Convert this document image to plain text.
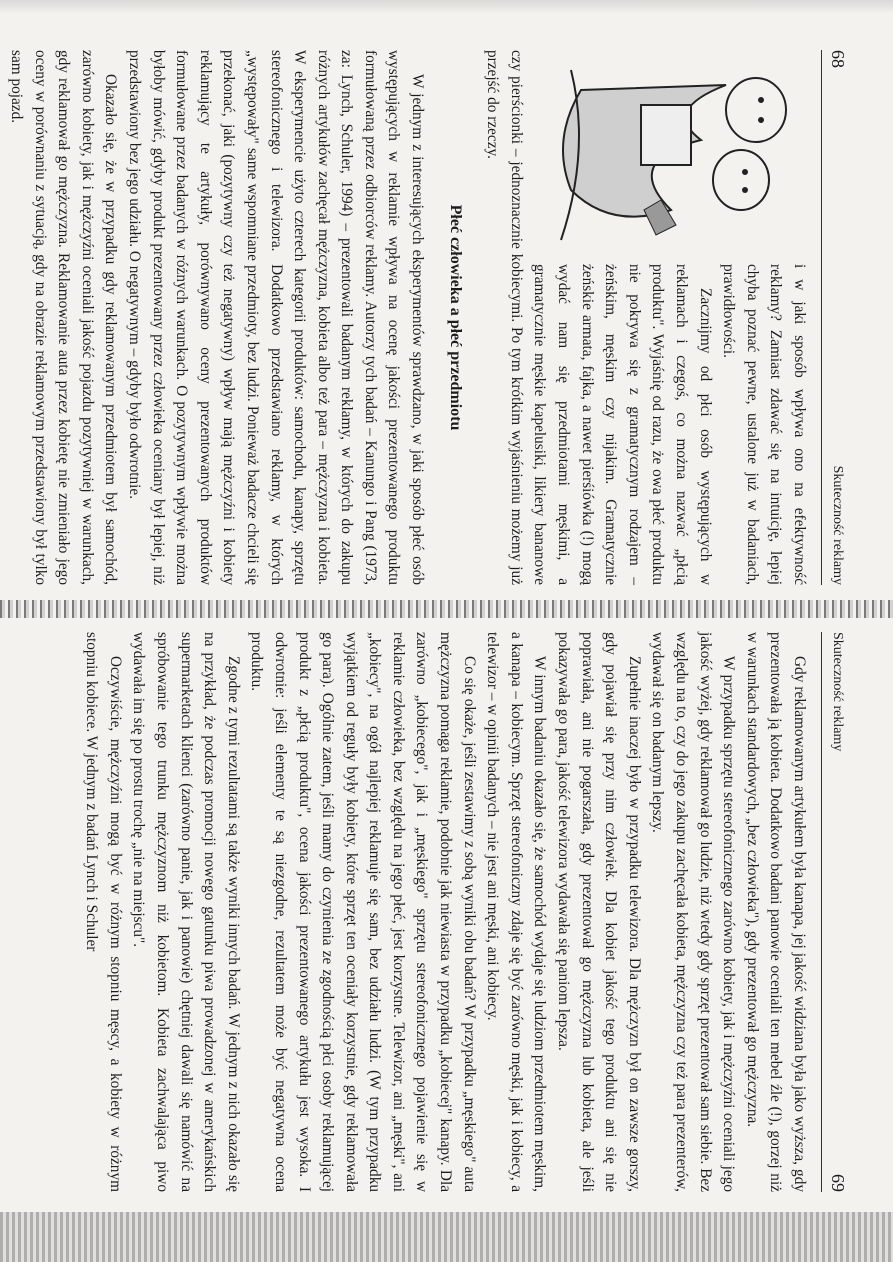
68
Skuteczność reklamy

i w jaki sposób wpływa ono na efektywność reklamy? Zamiast zdawać się na intuicję, lepiej chyba poznać pewne, ustalone już w badaniach, prawidłowości.

Zacznijmy od płci osób występujących w reklamach i czegoś, co można nazwać „płcią produktu". Wyjaśnię od razu, że owa płeć produktu nie pokrywa się z gramatycznym rodzajem – żeńskim, męskim czy nijakim. Gramatycznie żeńskie armata, fajka, a nawet pierśiówka (!) mogą wydać nam się przedmiotami męskimi, a gramatycznie męskie kapelusiki, likiery bananowe czy pierścionki – jednoznacznie kobiecymi. Po tym krótkim wyjaśnieniu możemy już przejść do rzeczy.

Płeć człowieka a płeć przedmiotu

W jednym z interesujących eksperymentów sprawdzano, w jaki sposób płeć osób występujących w reklamie wpływa na ocenę jakości prezentowanego produktu formułowaną przez odbiorców reklamy. Autorzy tych badań – Kanungo i Pang (1973, za: Lynch, Schuler, 1994) – prezentowali badanym reklamy, w których do zakupu różnych artykułów zachęcał mężczyzna, kobieta albo też para – mężczyzna i kobieta. W eksperymencie użyto czterech kategorii produktów: samochodu, kanapy, sprzętu stereofonicznego i telewizora. Dodatkowo przedstawiano reklamy, w których „występowały" same wspomniane przedmioty, bez ludzi. Ponieważ badacze chcieli się przekonać, jaki (pozytywny czy też negatywny) wpływ mają mężczyźni i kobiety reklamujący te artykuły, porównywano oceny prezentowanych produktów formułowane przez badanych w różnych warunkach. O pozytywnym wpływie można byłoby mówić, gdyby produkt prezentowany przez człowieka oceniany był lepiej, niż przedstawiony bez jego udziału. O negatywnym – gdyby było odwrotnie.

Okazało się, że w przypadku gdy reklamowanym przedmiotem był samochód, zarówno kobiety, jak i mężczyźni oceniali jakość pojazdu pozytywniej w warunkach, gdy reklamował go mężczyzna. Reklamowanie auta przez kobietę nie zmieniało jego oceny w porównaniu z sytuacją, gdy na obrazie reklamowym przedstawiony był tylko sam pojazd.

Skuteczność reklamy
69

Gdy reklamowanym artykułem była kanapa, jej jakość widziana była jako wyższa, gdy prezentowała ją kobieta. Dodatkowo badani panowie oceniali ten mebel źle (!), gorzej niż w warunkach standardowych, „bez człowieka"), gdy prezentował go mężczyzna.

W przypadku sprzętu stereofonicznego zarówno kobiety, jak i mężczyźni oceniali jego jakość wyżej, gdy reklamował go ludzie, niż wtedy gdy sprzęt prezentował sam siebie. Bez względu na to, czy do jego zakupu zachęcała kobieta, mężczyzna czy też para prezenterów, wydawał się on badanym lepszy.

Zupełnie inaczej było w przypadku telewizora. Dla mężczyzn był on zawsze gorszy, gdy pojawiał się przy nim człowiek. Dla kobiet jakość tego produktu ani się nie poprawiała, ani nie pogarszała, gdy prezentował go mężczyzna lub kobieta, ale jeśli pokazywała go para, jakość telewizora wydawała się paniom lepsza.

W innym badaniu okazało się, że samochód wydaje się ludziom przedmiotem męskim, a kanapa – kobiecym. Sprzęt stereofoniczny zdaje się być zarówno męski, jak i kobiecy, a telewizor – w opinii badanych – nie jest ani męski, ani kobiecy.

Co się okaże, jeśli zestawimy z sobą wyniki obu badań? W przypadku „męskiego" auta mężczyzna pomaga reklamie, podobnie jak niewiasta w przypadku „kobiecej" kanapy. Dla zarówno „kobiecego", jak i „męskiego" sprzętu stereofonicznego pojawienie się w reklamie człowieka, bez względu na jego płeć, jest korzystne. Telewizor, ani „męski", ani „kobiecy", na ogół najlepiej reklamuje się sam, bez udziału ludzi. (W tym przypadku wyjątkiem od reguły były kobiety, które sprzęt ten oceniały korzystnie, gdy reklamowała go para). Ogólnie zatem, jeśli mamy do czynienia ze zgodnością płci osoby reklamującej produkt z „płcią produktu", ocena jakości prezentowanego artykułu jest wysoka. I odwrotnie: jeśli elementy te są niezgodne, rezultatem może być negatywna ocena produktu.

Zgodne z tymi rezultatami są także wyniki innych badań. W jednym z nich okazało się na przykład, że podczas promocji nowego gatunku piwa prowadzonej w amerykańskich supermarketach klienci (zarówno panie, jak i panowie) chętniej dawali się namówić na spróbowanie tego trunku mężczyznom niż kobietom. Kobieta zachwalająca piwo wydawała im się po prostu trochę „nie na miejscu".

Oczywiście, mężczyźni mogą być w różnym stopniu męscy, a kobiety w różnym stopniu kobiece. W jednym z badań Lynch i Schuler
